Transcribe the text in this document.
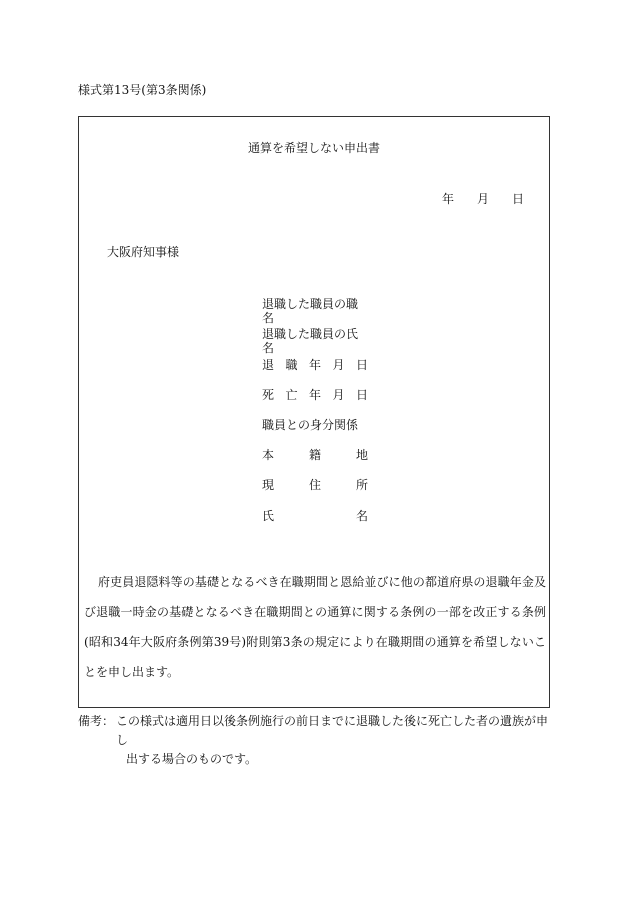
様式第13号(第3条関係)
通算を希望しない申出書
年 月 日
大阪府知事様
退職した職員の職名
退職した職員の氏名
退 職 年 月 日
死 亡 年 月 日
職員との身分関係
本	籍	地
現	住	所
氏	名
府吏員退隠料等の基礎となるべき在職期間と恩給並びに他の都道府県の退職年金及び退職一時金の基礎となるべき在職期間との通算に関する条例の一部を改正する条例(昭和34年大阪府条例第39号)附則第3条の規定により在職期間の通算を希望しないことを申し出ます。
備考： この様式は適用日以後条例施行の前日までに退職した後に死亡した者の遺族が申し
出する場合のものです。
